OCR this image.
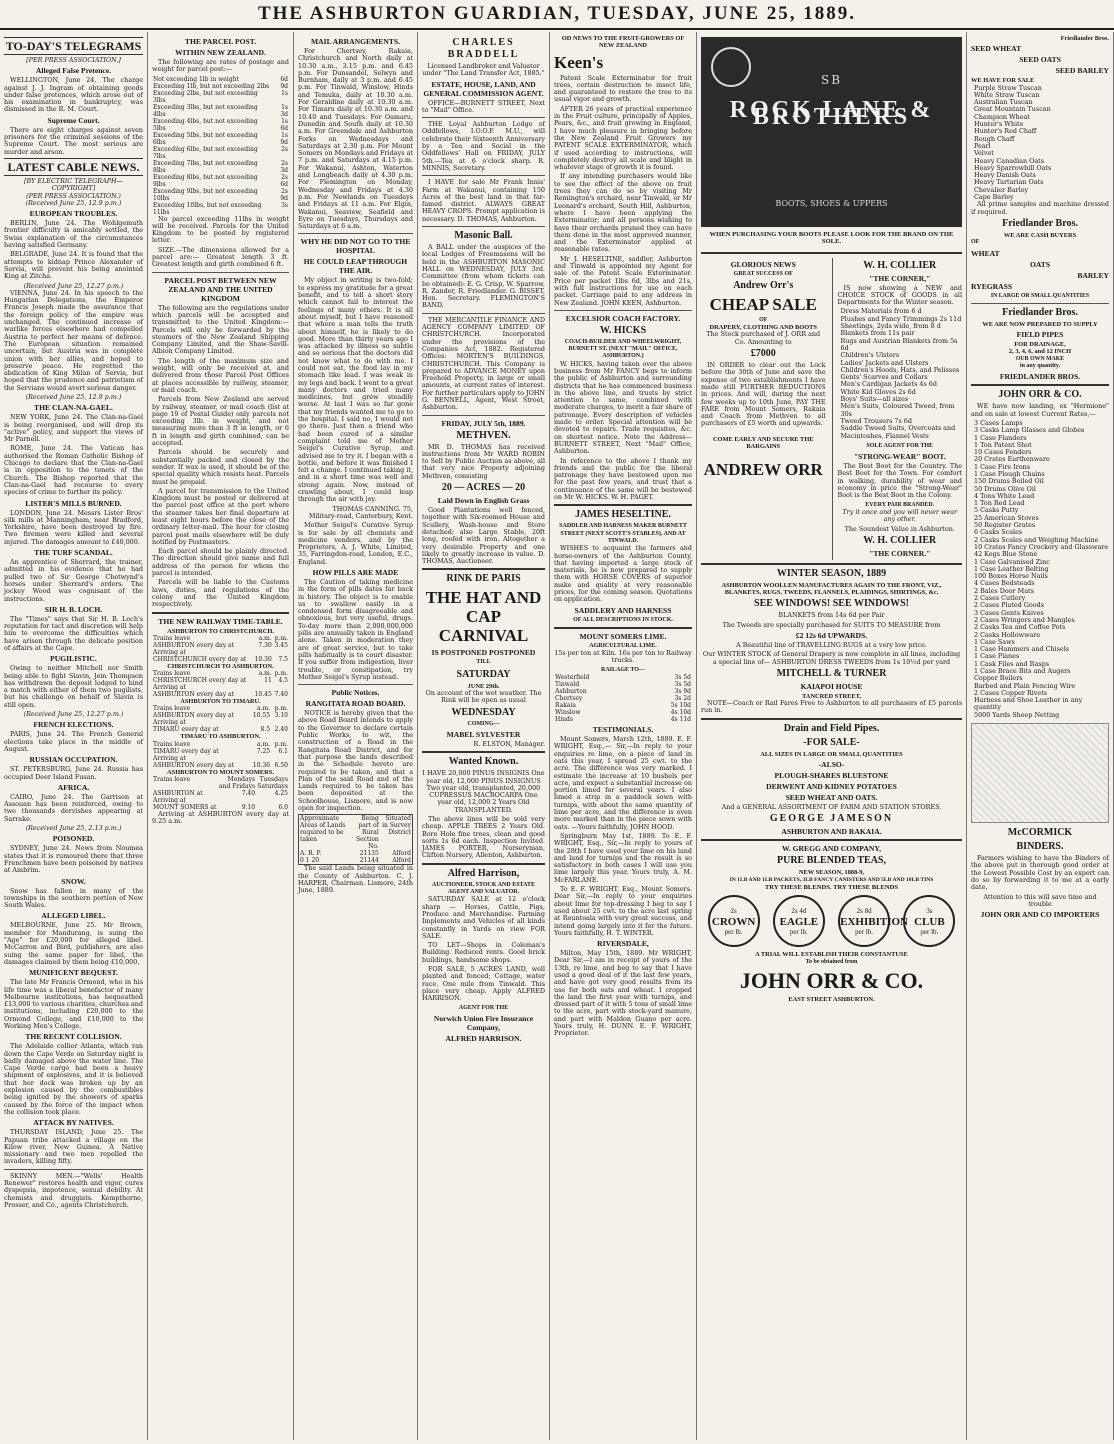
THE ASHBURTON GUARDIAN, TUESDAY, JUNE 25, 1889.
TO-DAY'S TELEGRAMS
[PER PRESS ASSOCIATION.]
Alleged False Pretence.

WELLINGTON, June 24. The charge against J. J. Ingram of obtaining goods under false pretences, which arose out of his examination in bankruptcy, was dismissed in the R. M. Court.

Supreme Court.

There are eight charges against seven prisoners for the criminal sessions of the Supreme Court. The most serious are murder and arson.

LATEST CABLE NEWS.
[BY ELECTRIC TELEGRAPH—COPYRIGHT]
(PER PRESS ASSOCIATION.)
(Received June 25, 12.9 p.m.)
EUROPEAN TROUBLES.

BERLIN, June 24. The Wohlgemuth frontier difficulty is amicably settled, the Swiss explanation of the circumstances having satisfied Germany.

BELGRADE, June 24. It is found that the attempts to kidnap Prince Alexander of Servia, will prevent his being anointed King at Zitcha.

(Received June 25, 12.27 p.m.)

VIENNA, June 24. In his speech to the Hungarian Delegations, the Emperor Francis Joseph made the assurance that the foreign policy of the empire was unchanged. The continued increase of warlike forces elsewhere had compelled Austria to perfect her means of defence. The European situation remained uncertain, but Austria was in complete union with her allies, and hoped to preserve peace. He regretted the abdication of King Milan of Servia, but hoped that the prudence and patriotism of the Servians would avert serious danger.

(Received June 25, 12.9 p.m.)
THE CLAN-NA-GAEL.

NEW YORK, June 24. The Clan-na-Gael is being reorganised, and will drop its "active" policy, and support the views of Mr Parnell.

ROME, June 24. The Vatican has authorised the Roman Catholic Bishop of Chicago to declare that the Clan-na-Gael is in opposition to the tenets of the Church. The Bishop reported that the Clan-na-Gael had recourse to every species of crime to further its policy.

LISTER'S MILLS BURNED.

LONDON, June 24. Messrs Lister Bros' silk mills at Manningham, near Bradford, Yorkshire, have been destroyed by fire. Two firemen were killed and several injured. The damages amount to £40,000.

THE TURF SCANDAL.

An apprentice of Sherrard, the trainer, admitted in his evidence that he had pulled two of Sir George Chetwynd's horses under Sherrard's orders. The jockey Wood was cognisant of the instructions.

SIR H. B. LOCH.

The "Times" says that Sir H. B. Loch's reputation for tact and discretion will help him to overcome the difficulties which have arisen through the delicate position of affairs at the Cape.

PUGILISTIC.

Owing to neither Mitchell nor Smith being able to fight Slavin, Jem Thompson has withdrawn the deposit lodged to bind a match with either of them two pugilists, but his challenge on behalf of Slavin is still open.

(Received June 25, 12.27 p.m.)
FRENCH ELECTIONS.

PARIS, June 24. The French General elections take place in the middle of August.

RUSSIAN OCCUPATION.

ST. PETERSBURG, June 24. Russia has occupied Deer Island Fusan.

AFRICA.

CAIRO, June 24. The Garrison at Assouan has been reinforced, owing to two thousands dervishes appearing at Sarrake.

(Received June 25, 2.13 p.m.)
POISONED.

SYDNEY, June 24. News from Noumea states that it is rumoured there that three Frenchmen have been poisoned by natives at Ambrim.

SNOW.

Snow has fallen in many of the townships in the southern portion of New South Wales.

ALLEGED LIBEL.

MELBOURNE, June 25. Mr Brown, member for Mandurang, is suing the "Age" for £20,000 for alleged libel. McCarron and Bird, publishers, are also suing the same paper for libel, the damages claimed by them being £10,000.

MUNIFICENT BEQUEST.

The late Mr Francis Ormond, who in his life time was a liberal benefactor of many Melbourne institutions, has bequeathed £13,000 to various charities, churches and institutions, including £20,000 to the Ormond College, and £10,000 to the Working Men's College.

THE RECENT COLLISION.

The Adelaide collier Atlanta, which ran down the Cape Verde on Saturday night is badly damaged above the water line. The Cape Verde cargo had been a heavy shipment of explosives, and it is believed that her dock was broken up by an explosion caused by the combustibles being ignited by the showers of sparks caused by the force of the impact when the collision took place.

ATTACK BY NATIVES.

THURSDAY ISLAND, June 25. The Papuan tribe attacked a village on the Kilow river, New Guinea. A Native missionary and two men repelled the invaders, killing fifty.

SKINNY MEN.—"Wells' Health Renewer" restores health and vigor, cures dyspepsia, impotence, sexual debility. At chemists and druggists. Kempthorne, Prosser, and Co., agents Christchurch.

THE PARCEL POST.
WITHIN NEW ZEALAND.

The following are rates of postage and weight for parcel post:—

Not exceeding 1lb in weight	6d
Exceeding 1lb, but not exceeding 2lbs	9d
Exceeding 2lbs, but not exceeding 3lbs	1s
Exceeding 3lbs, but not exceeding 4lbs	1s 3d
Exceeding 4lbs, but not exceeding 5lbs	1s 6d
Exceeding 5lbs, but not exceeding 6lbs	1s 9d
Exceeding 6lbs, but not exceeding 7lbs	2s
Exceeding 7lbs, but not exceeding 8lbs	2s 3d
Exceeding 8lbs, but not exceeding 9lbs	2s 6d
Exceeding 9lbs, but not exceeding 10lbs	2s 9d
Exceeding 10lbs, but not exceeding 11lbs	3s

No parcel exceeding 11lbs in weight will be received. Parcels for the United Kingdom to be posted by registered letter.

SIZE.—The dimensions allowed for a parcel are:— Greatest length 3 ft. Greatest length and girth combined 6 ft.

PARCEL POST BETWEEN NEW ZEALAND AND THE UNITED KINGDOM

The following are the regulations under which parcels will be accepted and transmitted to the United Kingdom:— Parcels will only be forwarded by the steamers of the New Zealand Shipping Company Limited, and the Shaw-Savill-Albion Company Limited.

The length of the maximum size and weight, will only be received at, and delivered from those Parcel Post Offices at places accessible by railway, steamer, or mail coach.

Parcels from New Zealand are served by railway, steamer, or mail coach (list at page 19 of Postal Guide) only parcels not exceeding 3lb. in weight, and not measuring more than 3 ft in length, or 6 ft in length and girth combined, can be accepted.

Parcels should be securely and substantially packed and closed by the sender. If wax is used, it should be of the special quality which resists heat. Parcels must be prepaid.

A parcel for transmission to the United Kingdom must be posted or delivered at the parcel post office at the port where the steamer takes her final departure at least eight hours before the close of the ordinary letter-mail. The hour for closing parcel post mails elsewhere will be duly notified by Postmasters.

Each parcel should be plainly directed. The direction should give name and full address of the person for whom the parcel is intended.

Parcels will be liable to the Customs laws, duties, and regulations of the colony and the United Kingdom respectively.

THE NEW RAILWAY TIME-TABLE.
ASHBURTON TO CHRISTCHURCH.
Trains leave	a.m.	p.m.
ASHBURTON every day at	7.30	3.45
Arriving at		
CHRISTCHURCH every day at	10.30	7.5
CHRISTCHURCH TO ASHBURTON.
Trains leave	a.m.	p.m.
CHRISTCHURCH every day at	11	4.5
Arriving at		
ASHBURTON every day at	10.45	7.40
ASHBURTON TO TIMARU.
Trains leave	a.m.	p.m.
ASHBURTON every day at	10.55	3.10
Arriving at		
TIMARU every day at	8.5	2.40
TIMARU TO ASHBURTON.
Trains leave	a.m.	p.m.
TIMARU every day at	7.25	6.1
Arriving at		
ASHBURTON every day at	10.36	6.50
ASHBURTON TO MOUNT SOMERS.
Trains leave	Mondays	Tuesdays
	and Fridays	Saturdays
ASHBURTON at	7.40	4.25
Arriving at		
MOUNT SOMERS at	9.10	6.0

Arriving at ASHBURTON every day at 9.25 a.m.

MAIL ARRANGEMENTS.

For Chertsey, Rakaia, Christchurch and North daily at 10.30 a.m., 3.15 p.m. and 6.45 p.m. For Dunsandel, Selwyn and Burnham, daily at 3 p.m. and 6.45 p.m. For Tinwald, Winslow, Hinds and Temuka, daily at 10.30 a.m. For Geraldine daily at 10.30 a.m. For Timaru daily at 10.30 a.m. and 10.40 and Tuesdays. For Oamaru, Dunedin and South daily at 10.30 a.m. For Greendale and Ashburton Forks on Wednesdays and Saturdays at 2.30 p.m. For Mount Somers on Mondays and Fridays at 7 p.m. and Saturdays at 4.15 p.m. For Wakanui, Ashton, Waterton and Longbeach daily at 4.30 p.m. For Flemington on Monday, Wednesday and Fridays at 4.30 p.m. For Newlands on Tuesdays and Fridays at 11 a.m. For Elgin, Wakanui, Seaview, Seafield and Eyre on Tuesdays, Thursdays and Saturdays at 6 a.m.

WHY HE DID NOT GO TO THE HOSPITAL
HE COULD LEAP THROUGH THE AIR.

My object in writing is two-fold; to express my gratitude for a great benefit, and to tell a short story which cannot fail to interest the feelings of many others. It is all about myself, but I have reasoned that where a man tells the truth about himself, he is likely to do good. More than thirty years ago I was attacked by illness so subtle and so serious that the doctors did not know what to do with me. I could not eat, the food lay in my stomach like lead. I was weak in my legs and back. I went to a great many doctors and tried many medicines, but grew steadily worse. At last I was so far gone that my friends wanted me to go to the hospital. I said no, I would not go there. Just then a friend who had been cured of a similar complaint told me of Mother Seigel's Curative Syrup, and advised me to try it. I began with a bottle, and before it was finished I felt a change. I continued taking it, and in a short time was well and strong again. Now, instead of crawling about, I could leap through the air with joy.

THOMAS CANNING. 75, Military-road, Canterbury, Kent.

Mother Seigel's Curative Syrup is for sale by all chemists and medicine vendors, and by the Proprietors, A. J. White, Limited, 35, Farringdon-road, London, E.C., England.

HOW PILLS ARE MADE

The Caution of taking medicine in the form of pills dates far back in history. The object is to enable us to swallow easily in a condensed form disagreeable and obnoxious, but very useful, drugs. To-day more than 2,000,000,000 pills are annually taken in England alone. Taken in moderation they are of great service, but to take pills habitually is to court disaster. If you suffer from indigestion, liver trouble, or constipation, try Mother Seigel's Syrup instead.

Public Notices.
RANGITATA ROAD BOARD.

NOTICE is hereby given that the above Road Board intends to apply to the Governor to declare certain Public Works, to wit, the construction of a Road in the Rangitata Road District, and for that purpose the lands described in the Schedule hereto are required to be taken, and that a Plan of the said Road and of the Lands required to be taken has been deposited at the Schoolhouse, Lismore, and is now open for inspection.

Approximate Areas of Lands required to be taken	Being part of Rural Section No.	Situated in Survey District
A. R. P.	21135	Alford
0 1 20	21144	Alford

The said Lands being situated in the County of Ashburton. C. J. HARPER, Chairman. Lismore, 24th June, 1889.

CHARLES BRADDELL

Licensed Landbroker and Valuator under "The Land Transfer Act, 1885."

ESTATE, HOUSE, LAND, AND GENERAL COMMISSION AGENT.

OFFICE—BURNETT STREET, Next to "Mail" Office.

THE Loyal Ashburton Lodge of Oddfellows, I.O.O.F. M.U., will celebrate their Sixteenth Anniversary by a Tea and Social in the Oddfellows' Hall on FRIDAY, JULY 5th.—Tea at 6 o'clock sharp. R. MINNIS, Secretary.

I HAVE for sale Mr Frank Innis' Farm at Wakanui, containing 150 Acres of the best land in that far-famed district. ALWAYS GREAT HEAVY CROPS. Prompt application is necessary. D. THOMAS, Ashburton.

Masonic Ball.

A BALL under the auspices of the local Lodges of Freemasons will be held in the ASHBURTON MASONIC HALL on WEDNESDAY, JULY 3rd. Committee (from whom tickets can be obtained): E. G. Crisp, W. Sparrow, R. Zander, R. Friedlander. G. BISSET, Hon. Secretary. FLEMINGTON'S BAND.

THE MERCANTILE FINANCE AND AGENCY COMPANY LIMITED OF CHRISTCHURCH. Incorporated under the provisions of the Companies Act, 1882. Registered Offices: MORTEN'S BUILDINGS, CHRISTCHURCH. This Company is prepared to ADVANCE MONEY upon Freehold Property, in large or small amounts, at current rates of interest. For further particulars apply to JOHN G. BENNELL, Agent, West Street, Ashburton.

FRIDAY, JULY 5th, 1889.
METHVEN.

MR D. THOMAS has received instructions from Mr WARD ROBIN to Sell by Public Auction as above, all that very nice Property adjoining Methven, consisting

20 — ACRES — 20
Laid Down in English Grass

Good Plantations well fenced, together with Six-roomed House and Scullery, Wash-house and Store detached; also Large Stable, 20ft long, roofed with iron. Altogether a very desirable Property and one likely to greatly increase in value. D. THOMAS, Auctioneer.

RINK DE PARIS
THE HAT AND CAP CARNIVAL
IS POSTPONED POSTPONED
TILL
SATURDAY
JUNE 29th.

On account of the wet weather. The Rink will be open as usual

WEDNESDAY
COMING—
MABEL SYLVESTER

R. ELSTON, Manager.

Wanted Known.

I HAVE 20,000 PINUS INSIGNIS One year old, 12,000 PINUS INSIGNUS Two year old, transplanted, 20,000 CUPRESSUS MACROCARPA One year old, 12,000 2 Years Old TRANSPLANTED.

The above lines will be sold very cheap. APPLE TREES 2 Years Old. Bore Hole fine trees, clean and good sorts 1s 6d each. Inspection Invited. JAMES PORTER, Nurseryman, Clifton Nursery, Allenton, Ashburton.

Alfred Harrison,
AUCTIONEER, STOCK AND ESTATE AGENT AND VALUATOR.

SATURDAY SALE at 12 o'clock sharp — Horses, Cattle, Pigs, Produce and Merchandise. Farming Implements and Vehicles of all kinds constantly in Yards on view FOR SALE.

TO LET—Shops in Coleman's Building. Reduced rents. Good brick buildings, handsome shops.

FOR SALE, 5 ACRES LAND, well planted and fenced; Cottage, water race. One mile from Tinwald. This place very cheap. Apply ALFRED HARRISON.

AGENT FOR THE
Norwich Union Fire Insurance Company,
ALFRED HARRISON.
OD NEWS TO THE FRUIT-GROWERS OF NEW ZEALAND
Keen's

Patent Scale Exterminator for fruit trees, certain destruction to insect life, and guaranteed to restore the tree to its usual vigor and growth.

AFTER 26 years of practical experience in the Fruit culture, principally of Apples, Pears, &c., and fruit growing in England, I have much pleasure in bringing before the New Zealand Fruit Growers my PATENT SCALE EXTERMINATOR, which if used according to instructions, will completely destroy all scale and blight in whatever stage of growth it is found.

If any intending purchasers would like to see the effect of the above on fruit trees they can do so by visiting Mr Remington's orchard, near Tinwald, or Mr Leonard's orchard, South Hill, Ashburton, where I have been applying the Exterminator; and all persons wishing to have their orchards pruned they can have them done in the most approved manner, and the Exterminator applied at reasonable rates.

Mr J. HESELTINE, saddler, Ashburton and Tinwald is appointed my Agent for sale of the Patent Scale Exterminator. Price per packet 1lbs 6d, 3lbs and 21s, with full instructions for use on each packet. Carriage paid to any address in New Zealand. JOHN KEEN, Ashburton.

EXCELSIOR COACH FACTORY.
W. HICKS
COACH-BUILDER AND WHEELWRIGHT, BURNETT ST. (NEXT "MAIL" OFFICE, ASHBURTON.)

W. HICKS, having taken over the above business from Mr FANCY begs to inform the public of Ashburton and surrounding districts that he has commenced business in the above line, and trusts by strict attention to same, combined with moderate charges, to merit a fair share of patronage. Every description of vehicles made to order. Special attention will be devoted to repairs. Trade requisites, &c. on shortest notice. Note the Address—BURNETT STREET, Next "Mail" Office, Ashburton.

In reference to the above I thank my friends and the public for the liberal patronage they have bestowed upon me for the past few years, and trust that a continuance of the same will be bestowed on Mr W. HICKS. W. H. PAGET.

JAMES HESELTINE.
SADDLER AND HARNESS MAKER BURNETT STREET (NEXT SCOTT'S STABLES), AND AT TINWALD.

WISHES to acquaint the farmers and horse-owners of the Ashburton County, that having imported a large stock of materials, he is now prepared to supply them with HORSE COVERS of superior make and quality at very reasonable prices, for the coming season. Quotations on application.

SADDLERY AND HARNESS
OF ALL DESCRIPTIONS IN STOCK.
MOUNT SOMERS LIME.
AGRICULTURAL LIME.

15s per ton at Kiln. 16s per ton to Railway trucks.

RAILAGE TO—
Westerfield	3s 5d
Tinwald	3s 5d
Ashburton	3s 9d
Chertsey	3s 2d
Rakaia	5s 10d
Winslow	4s 10d
Hinds	4s 11d
TESTIMONIALS.

Mount Somers, March 12th, 1889. E. F. WRIGHT, Esq.,— Sir,—In reply to your enquiries re lime, on a piece of land in oats this year, I spread 25 cwt. to the acre. The difference was very marked. I estimate the increase at 10 bushels per acre, and expect a substantial increase on portion limed for several years. I also limed a strip in a paddock sown with turnips, with about the same quantity of lime per acre, and the difference is even more marked than in the piece sown with oats. —Yours faithfully, JOHN HOOD.

Springburn May 1st, 1889. To E. F. WRIGHT, Esq., Sir,—In reply to yours of the 28th I have used your lime on his land and land for turnips and the result is so satisfactory in both cases I will use you lime largely this year. Yours truly, A. M. McFARLANE.

To E. F. WRIGHT, Esq., Mount Somers. Dear Sir,—In reply to your enquiries about lime for top-dressing I beg to say I used about 25 cwt. to the acre last spring at Rountoala with very great success, and intend going largely into it for the future. Yours faithfully, H. T. WINTER.

RIVERSDALE,

Milton, May 15th, 1889. Mr WRIGHT, Dear Sir,—I am in receipt of yours of the 13th, re lime, and beg to say that I have used a good deal of it the last few years, and have got very good results from its use for both oats and wheat. I cropped the land the first year with turnips, and dressed part of it with 5 tons of small lime to the acre, part with stock-yard manure, and part with Maldon Guano per acre. Yours truly, H. DUNN. E. F. WRIGHT, Proprietor.

SB
ROCK LANE & BROTHERS
BOOTS, SHOES & UPPERS
WHEN PURCHASING YOUR BOOTS PLEASE LOOK FOR THE BRAND ON THE SOLE.
GLORIOUS NEWS
GREAT SUCCESS OF
Andrew Orr's
CHEAP SALE
OF
DRAPERY, CLOTHING AND BOOTS

The Stock purchased of J. ORR and Co. Amounting to

£7000

IN ORDER to clear out the Lock before the 30th of June and save the expense of two establishments I have made still FURTHER REDUCTIONS in prices. And will, during the next few weeks up to 10th June, PAY THE FARE from Mount Somers, Rakaia and Coach from Methven to all purchasers of £5 worth and upwards.

COME EARLY AND SECURE THE BARGAINS
ANDREW ORR
W. H. COLLIER
"THE CORNER,"

IS now showing a NEW and CHOICE STOCK of GOODS in all Departments for the Winter season.

Dress Materials from 6 d
Plushes and Fancy Trimmings 2s 11d
Sheetings, 2yds wide, from 8 d
Blankets from 11s pair
Rugs and Austrian Blankets from 5s 6d
Children's Ulsters
Ladies' Jackets and Ulsters
Children's Hoods, Hats, and Pelisses
Gents' Scarves and Collars
Men's Cardigan Jackets 4s 6d
White Kid Gloves 2s 6d
Boys' Suits—all sizes
Men's Suits, Coloured Tweed, from 30s
Tweed Trousers 7s 6d
Saddle Tweed Suits, Overcoats and Macintoshes, Flannel Vests
SOLE AGENT FOR THE
"STRONG-WEAR" BOOT.

The Best Boot for the Country. The Best Boot for the Town. For comfort in walking, durability of wear and economy in price the "Strong-Wear" Boot is the Best Boot in the Colony.

EVERY PAIR BRANDED.

Try it once and you will never wear any other.

The Soundest Value in Ashburton.

W. H. COLLIER
"THE CORNER."
WINTER SEASON, 1889
ASHBURTON WOOLLEN MANUFACTURES AGAIN TO THE FRONT, VIZ.,
BLANKETS, RUGS, TWEEDS, FLANNELS, PLAIDINGS, SHIRTINGS, &c.
SEE WINDOWS! SEE WINDOWS!

BLANKETS from 14s 6d per Pair

The Tweeds are specially purchased for SUITS TO MEASURE from

£2 12s 6d UPWARDS.

A Beautiful line of TRAVELLING RUGS at a very low price.

Our WINTER STOCK of General Drapery is now complete in all lines, including a special line of— ASHBURTON DRESS TWEEDS from 1s 10½d per yard

MITCHELL & TURNER
KAIAPOI HOUSE
TANCRED STREET,

NOTE—Coach or Rail Fares Free to Ashburton to all purchasers of £5 parcels run in.

Drain and Field Pipes.
-FOR SALE-
ALL SIZES IN LARGE OR SMALL QUANTITIES
-ALSO-
PLOUGH-SHARES BLUESTONE
DERWENT AND KIDNEY POTATOES
SEED WHEAT AND OATS.

And a GENERAL ASSORTMENT OF FARM AND STATION STORES.

GEORGE JAMESON
ASHBURTON AND RAKAIA.
W. GREGG AND COMPANY,
PURE BLENDED TEAS,
NEW SEASON, 1888-9,
IN 1LB AND 1LB PACKETS, 3LB FANCY CANISTERS AND 5LB AND 10LB TINS
TRY THESE BLENDS. TRY THESE BLENDS
2s
CROWN
per lb.
2s 4d
EAGLE
per lb.
2s 8d
EXHIBITION
per lb.
3s
CLUB
per lb.
A TRIAL WILL ESTABLISH THEIR CONSTANTUSE
To be obtained from
JOHN ORR & CO.
EAST STREET ASHBURTON.
Friedlander Bros.
SEED WHEAT
SEED OATS
SEED BARLEY
WE HAVE FOR SALE
Purple Straw Tuscan
White Straw Tuscan
Australian Tuscan
Great Mountain Tuscan
Champion Wheat
Hunter's White
Hunter's Red Chaff
Rough Chaff
Pearl
Velvet
Heavy Canadian Oats
Heavy Sparrowbill Oats
Heavy Danish Oats
Heavy Tartarian Oats
Chevalier Barley
Cape Barley

All prime samples and machine dressed if required.

Friedlander Bros.
WE ARE CASH BUYERS
OF
WHEAT
OATS
BARLEY
RYEGRASS
IN LARGE OR SMALL QUANTITIES
Friedlander Bros.
WE ARE NOW PREPARED TO SUPPLY
FIELD PIPES
FOR DRAINAGE,
2, 3, 4, 6, and 12 INCH
OUR OWN MAKE
in any quantity.
FRIEDLANDER BROS.
JOHN ORR & CO.

WE have now landing, ex "Hermione" and on sale at lowest Current Rates,—

3 Cases Lamps
3 Casks Lamp Glasses and Globes
1 Case Flanders
1 Ton Patent Shot
10 Cases Fenders
20 Crates Earthenware
1 Case Fire Irons
1 Case Plough Chains
150 Drums Boiled Oil
50 Drums Olive Oil
4 Tons White Lead
1 Ton Red Lead
5 Casks Putty
25 American Stoves
50 Register Grates
6 Casks Scales
2 Casks Scales and Weighing Machine
10 Crates Fancy Crockery and Glassware
42 Kegs Blue Stone
1 Case Galvanised Zinc
1 Case Leather Belting
100 Boxes Horse Nails
4 Cases Bedsteads
2 Bales Door Mats
2 Cases Cutlery
2 Cases Plated Goods
3 Cases Gents Knives
2 Cases Wringers and Mangles
2 Casks Tea and Coffee Pots
2 Casks Hollowware
1 Case Saws
1 Case Hammers and Chisels
1 Case Planes
1 Cask Files and Rasps
1 Case Brace Bits and Augers
Copper Boilers
Barbed and Plain Fencing Wire
2 Cases Copper Rivets
Harness and Shoe Leather in any quantity
5000 Yards Sheep Netting
McCORMICK
BINDERS.

Farmers wishing to have the Binders of the above put in thorough good order at the Lowest Possible Cost by an expert can do so by forwarding it to me at a early date.

Attention to this will save time and trouble

JOHN ORR AND CO IMPORTERS
